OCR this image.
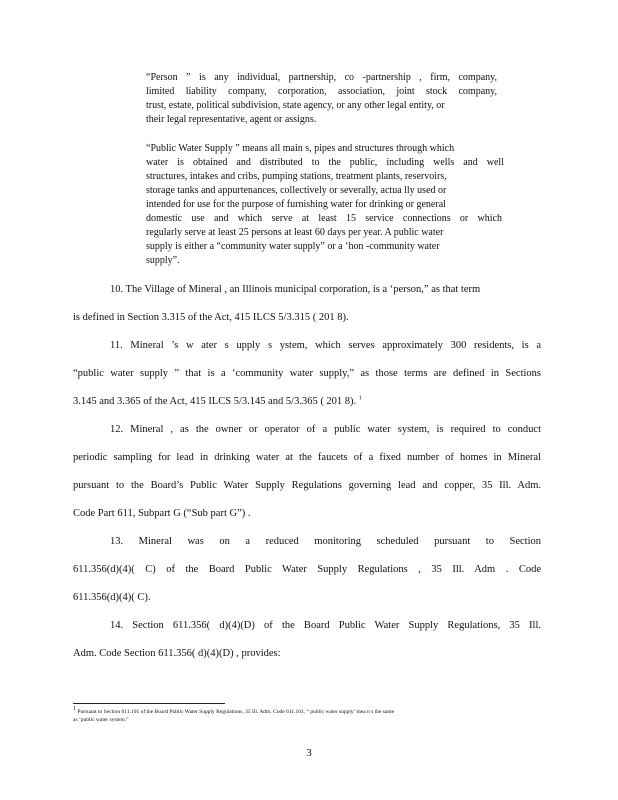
“Person ” is any individual, partnership, co -partnership , firm, company,
limited liability company, corporation, association, joint stock company,
trust, estate, political subdivision, state agency, or any other legal entity, or
their legal representative, agent or assigns.
“Public Water Supply ” means all main s, pipes and structures through which
water is obtained and distributed to the public, including wells and well
structures, intakes and cribs, pumping stations, treatment plants, reservoirs,
storage tanks and appurtenances, collectively or severally, actua lly used or
intended for use for the purpose of furnishing water for drinking or general
domestic use and which serve at least 15 service connections or which
regularly serve at least 25 persons at least 60 days per year. A public water
supply is either a “community water supply” or a ‘hon -community water
supply”.
10. The Village of Mineral , an Illinois municipal corporation, is a ‘person,” as that term
is defined in Section 3.315 of the Act, 415 ILCS 5/3.315 ( 201 8).
11. Mineral ’s w ater s upply s ystem, which serves approximately 300 residents, is a
“public water supply ” that is a ‘community water supply,” as those terms are defined in Sections
3.145 and 3.365 of the Act, 415 ILCS 5/3.145 and 5/3.365 ( 201 8). $^1$
12. Mineral , as the owner or operator of a public water system, is required to conduct
periodic sampling for lead in drinking water at the faucets of a fixed number of homes in Mineral
pursuant to the Board’s Public Water Supply Regulations governing lead and copper, 35 Ill. Adm.
Code Part 611, Subpart G (“Sub part G”) .
13. Mineral was on a reduced monitoring scheduled pursuant to Section
611.356(d)(4)( C) of the Board Public Water Supply Regulations , 35 Ill. Adm . Code
611.356(d)(4)( C).
14. Section 611.356( d)(4)(D) of the Board Public Water Supply Regulations, 35 Ill.
Adm. Code Section 611.356( d)(4)(D) , provides:
1 Pursuant to Section 611.101 of the Board Public Water Supply Regulations, 35 Ill. Adm. Code 611.101, “ public water supply’ mea n s the same
as ‘public water system.”
3
